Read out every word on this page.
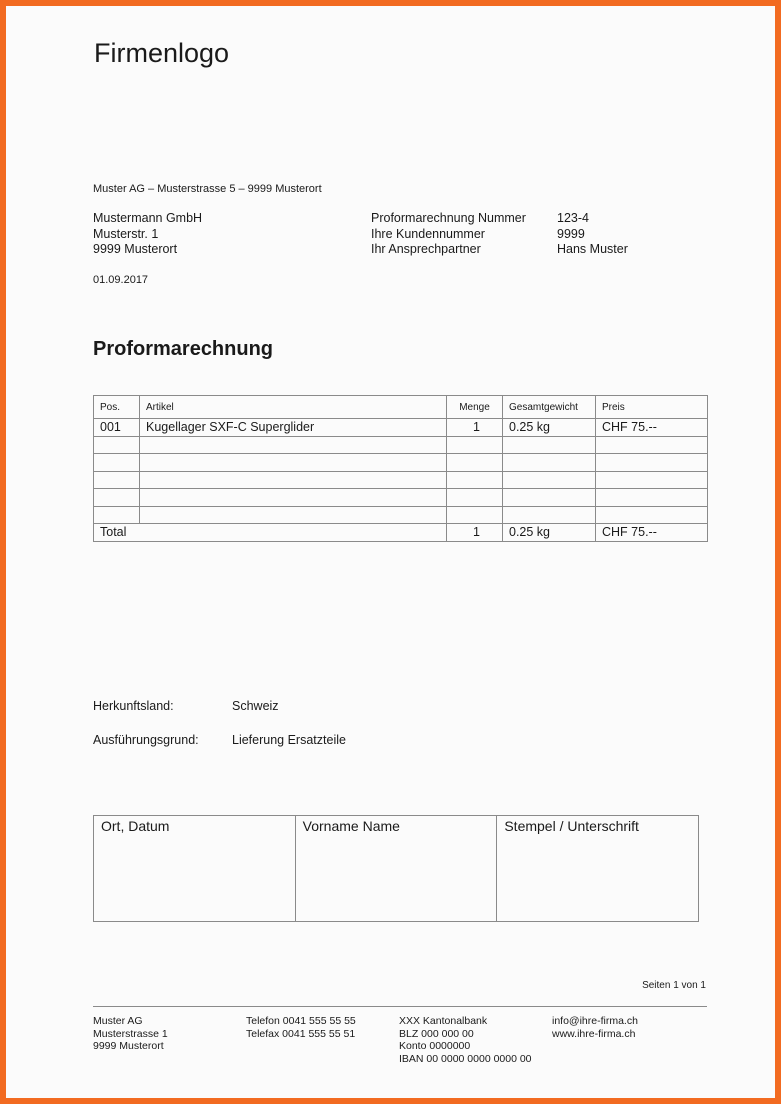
Firmenlogo
Muster AG – Musterstrasse 5 – 9999 Musterort
Mustermann GmbH
Musterstr. 1
9999 Musterort
Proformarechnung Nummer	123-4
Ihre Kundennummer	9999
Ihr Ansprechpartner	Hans Muster
01.09.2017
Proformarechnung
Pos.	Artikel	Menge	Gesamtgewicht	Preis
001	Kugellager SXF-C Superglider	1	0.25 kg	CHF 75.--

Total		1	0.25 kg	CHF 75.--
Herkunftsland:	Schweiz
Ausführungsgrund:	Lieferung Ersatzteile
Ort, Datum	Vorname Name	Stempel / Unterschrift
Seiten 1 von 1
Muster AG
Musterstrasse 1
9999 Musterort
Telefon 0041 555 55 55
Telefax 0041 555 55 51
XXX Kantonalbank
BLZ 000 000 00
Konto 0000000
IBAN 00 0000 0000 0000 00
info@ihre-firma.ch
www.ihre-firma.ch
